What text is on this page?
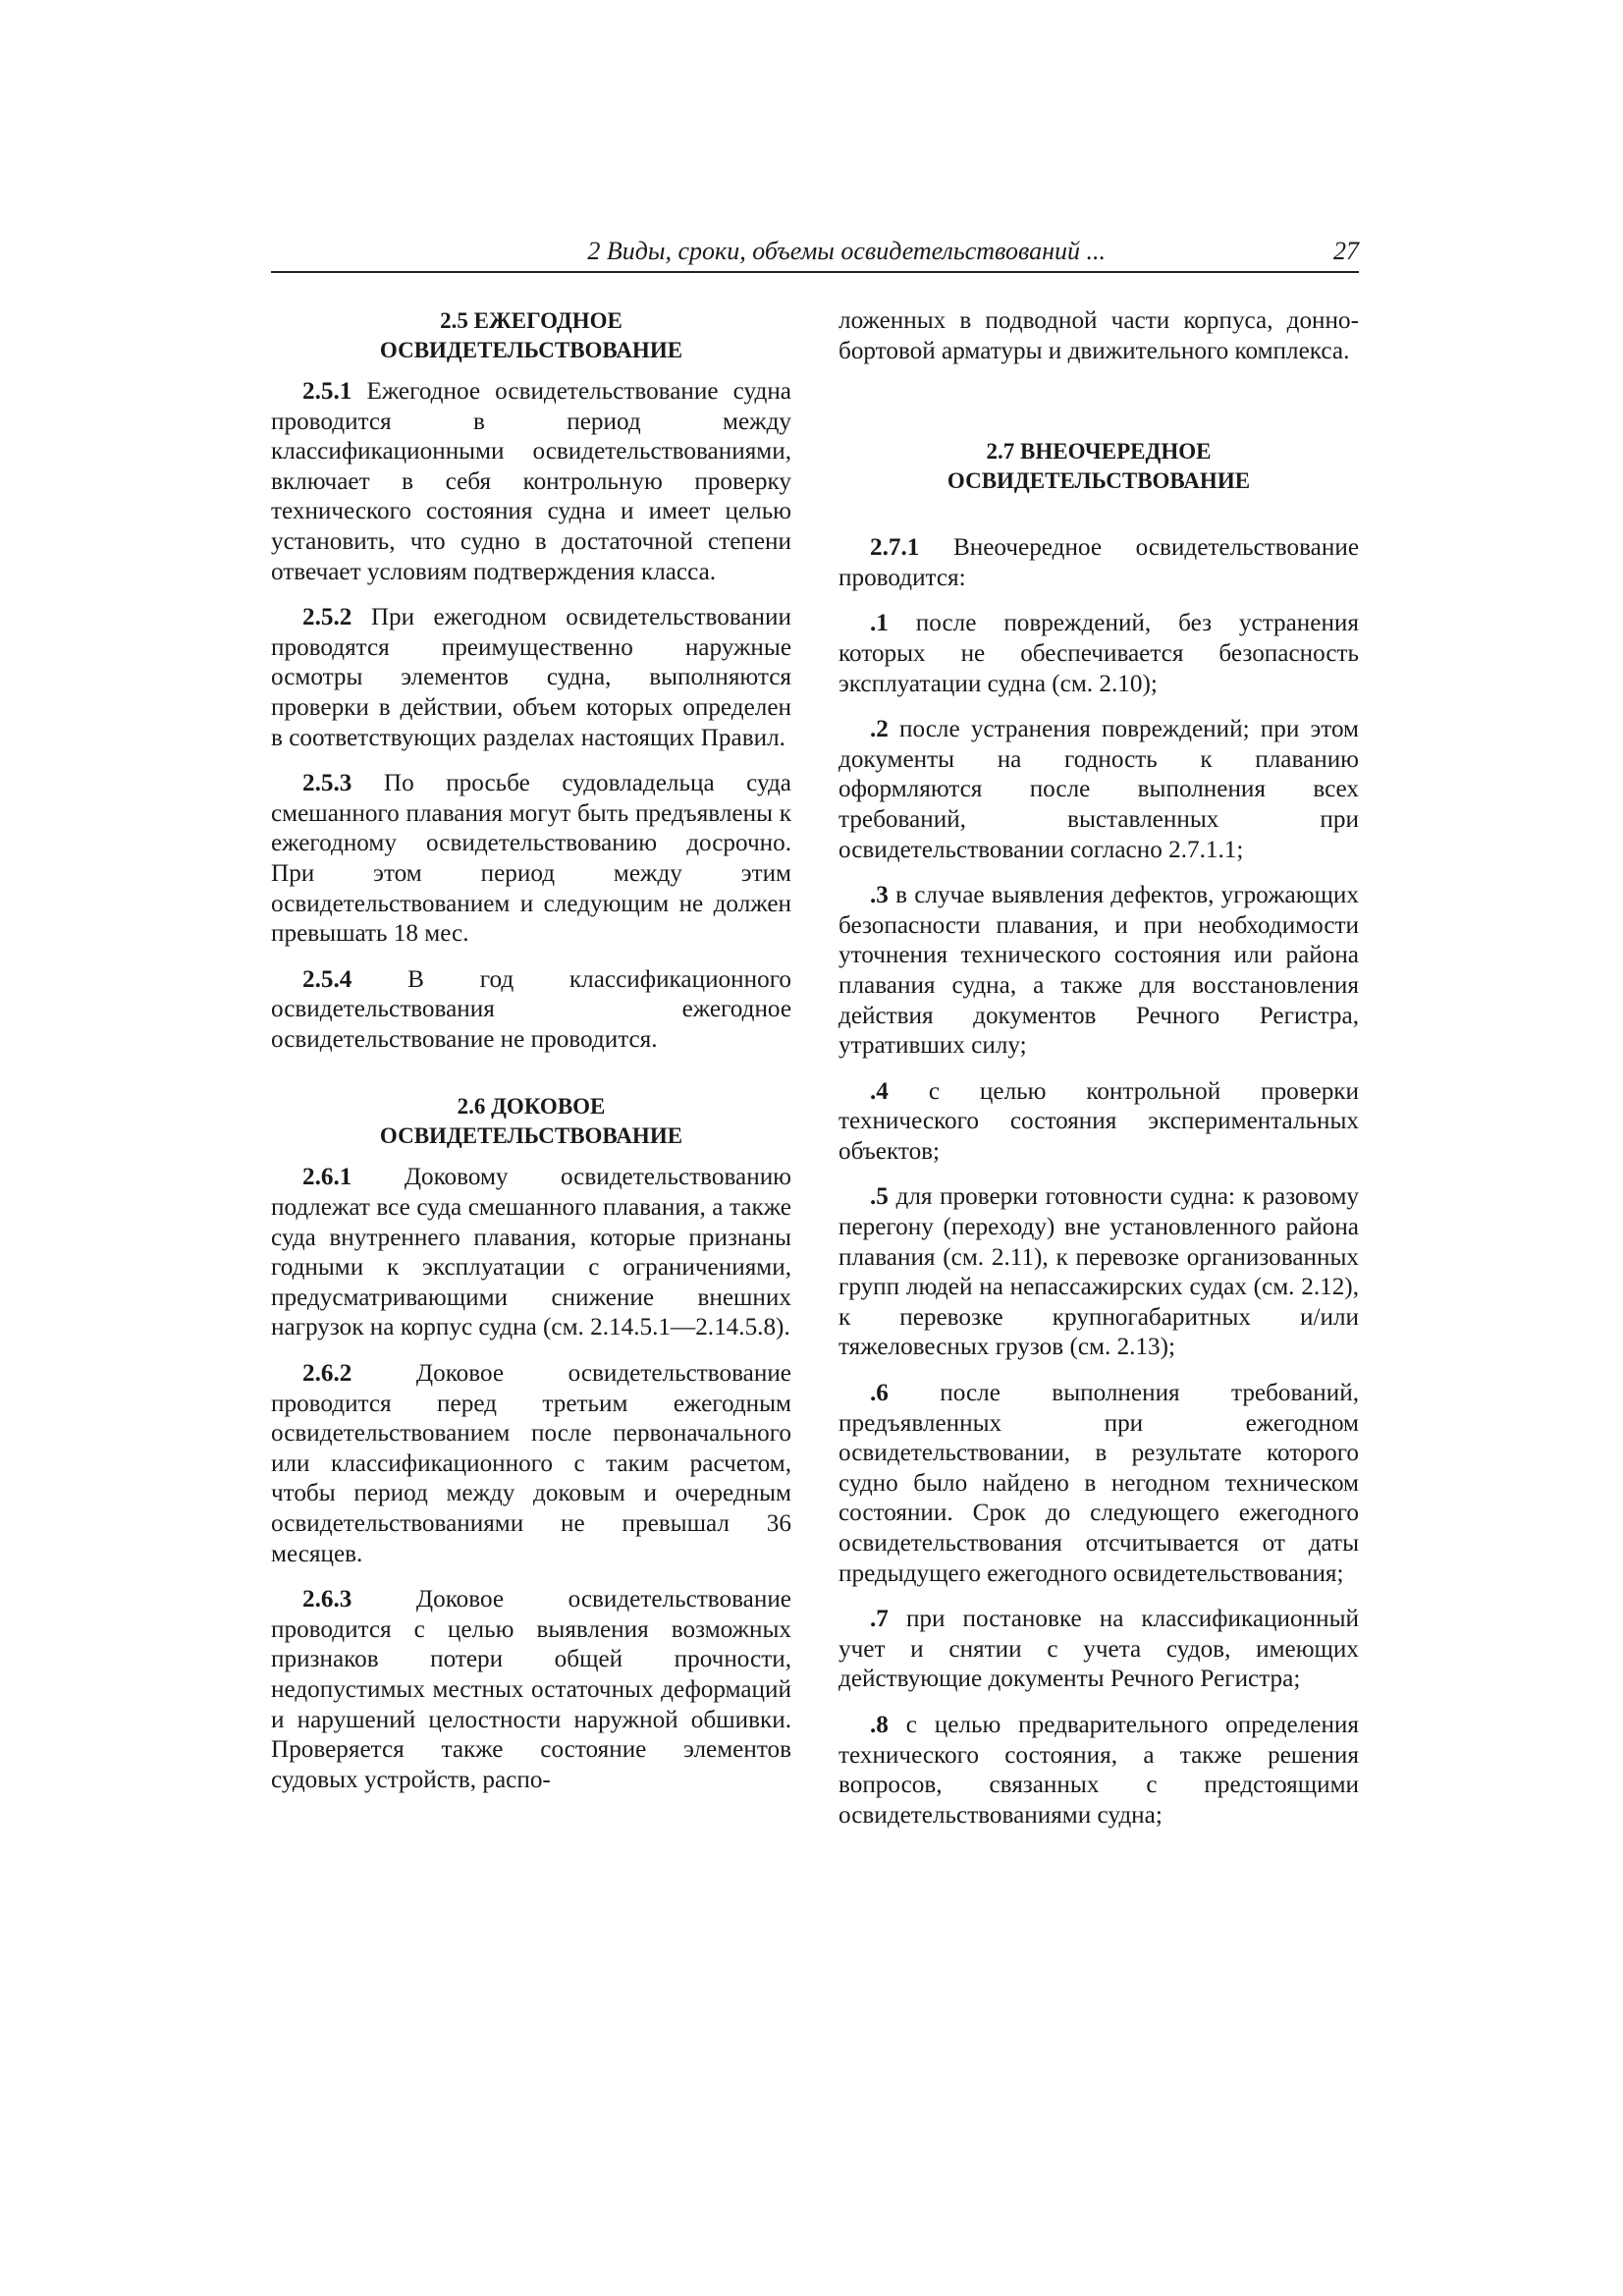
2 Виды, сроки, объемы освидетельствований ...	27
2.5 ЕЖЕГОДНОЕ
ОСВИДЕТЕЛЬСТВОВАНИЕ

2.5.1 Ежегодное освидетельствование судна проводится в период между классификационными освидетельствованиями, включает в себя контрольную проверку технического состояния судна и имеет целью установить, что судно в достаточной степени отвечает условиям подтверждения класса.

2.5.2 При ежегодном освидетельствовании проводятся преимущественно наружные осмотры элементов судна, выполняются проверки в действии, объем которых определен в соответствующих разделах настоящих Правил.

2.5.3 По просьбе судовладельца суда смешанного плавания могут быть предъявлены к ежегодному освидетельствованию досрочно. При этом период между этим освидетельствованием и следующим не должен превышать 18 мес.

2.5.4 В год классификационного освидетельствования ежегодное освидетельствование не проводится.

2.6 ДОКОВОЕ
ОСВИДЕТЕЛЬСТВОВАНИЕ

2.6.1 Доковому освидетельствованию подлежат все суда смешанного плавания, а также суда внутреннего плавания, которые признаны годными к эксплуатации с ограничениями, предусматривающими снижение внешних нагрузок на корпус судна (см. 2.14.5.1—2.14.5.8).

2.6.2 Доковое освидетельствование проводится перед третьим ежегодным освидетельствованием после первоначального или классификационного с таким расчетом, чтобы период между доковым и очередным освидетельствованиями не превышал 36 месяцев.

2.6.3 Доковое освидетельствование проводится с целью выявления возможных признаков потери общей прочности, недопустимых местных остаточных деформаций и нарушений целостности наружной обшивки. Проверяется также состояние элементов судовых устройств, распо-

ложенных в подводной части корпуса, донно-бортовой арматуры и движительного комплекса.

2.7 ВНЕОЧЕРЕДНОЕ
ОСВИДЕТЕЛЬСТВОВАНИЕ

2.7.1 Внеочередное освидетельствование проводится:

.1 после повреждений, без устранения которых не обеспечивается безопасность эксплуатации судна (см. 2.10);

.2 после устранения повреждений; при этом документы на годность к плаванию оформляются после выполнения всех требований, выставленных при освидетельствовании согласно 2.7.1.1;

.3 в случае выявления дефектов, угрожающих безопасности плавания, и при необходимости уточнения технического состояния или района плавания судна, а также для восстановления действия документов Речного Регистра, утративших силу;

.4 с целью контрольной проверки технического состояния экспериментальных объектов;

.5 для проверки готовности судна: к разовому перегону (переходу) вне установленного района плавания (см. 2.11), к перевозке организованных групп людей на непассажирских судах (см. 2.12), к перевозке крупногабаритных и/или тяжеловесных грузов (см. 2.13);

.6 после выполнения требований, предъявленных при ежегодном освидетельствовании, в результате которого судно было найдено в негодном техническом состоянии. Срок до следующего ежегодного освидетельствования отсчитывается от даты предыдущего ежегодного освидетельствования;

.7 при постановке на классификационный учет и снятии с учета судов, имеющих действующие документы Речного Регистра;

.8 с целью предварительного определения технического состояния, а также решения вопросов, связанных с предстоящими освидетельствованиями судна;
